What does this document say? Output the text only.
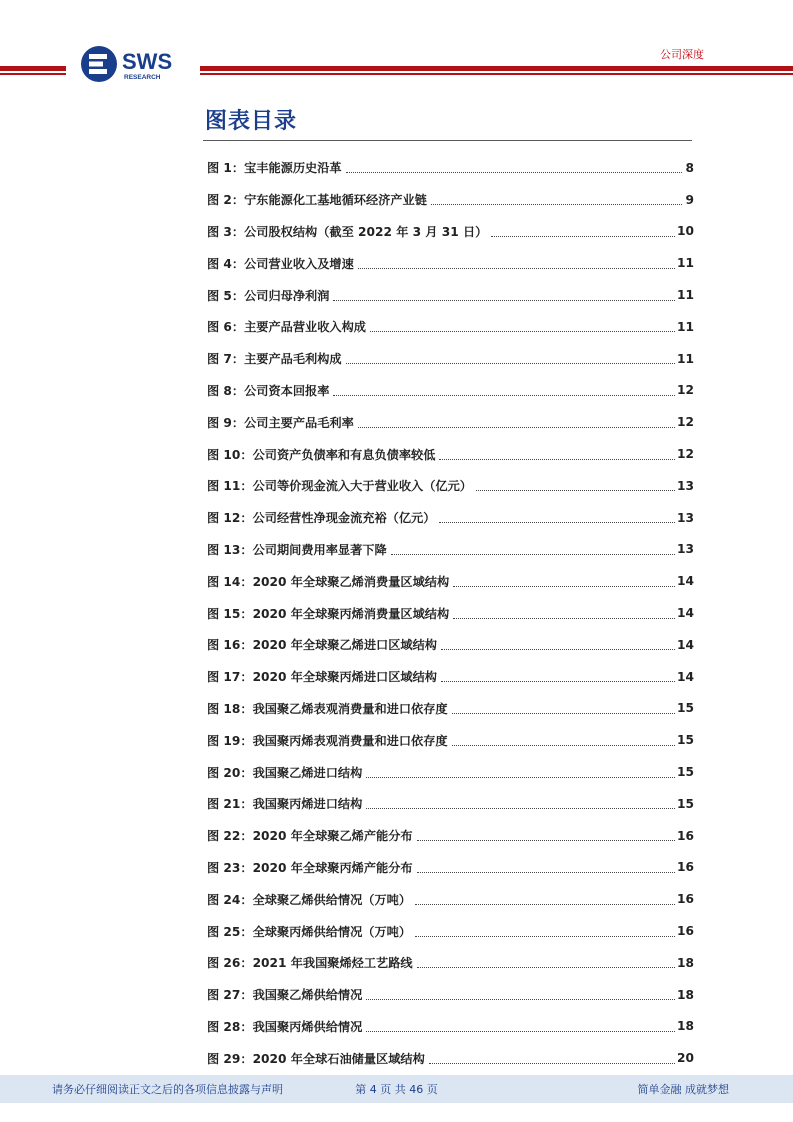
SWS
RESEARCH
公司深度
图表目录
图 1：宝丰能源历史沿革	8
图 2：宁东能源化工基地循环经济产业链	9
图 3：公司股权结构（截至 2022 年 3 月 31 日）	10
图 4：公司营业收入及增速	11
图 5：公司归母净利润	11
图 6：主要产品营业收入构成	11
图 7：主要产品毛利构成	11
图 8：公司资本回报率	12
图 9：公司主要产品毛利率	12
图 10：公司资产负债率和有息负债率较低	12
图 11：公司等价现金流入大于营业收入（亿元）	13
图 12：公司经营性净现金流充裕（亿元）	13
图 13：公司期间费用率显著下降	13
图 14：2020 年全球聚乙烯消费量区域结构	14
图 15：2020 年全球聚丙烯消费量区域结构	14
图 16：2020 年全球聚乙烯进口区域结构	14
图 17：2020 年全球聚丙烯进口区域结构	14
图 18：我国聚乙烯表观消费量和进口依存度	15
图 19：我国聚丙烯表观消费量和进口依存度	15
图 20：我国聚乙烯进口结构	15
图 21：我国聚丙烯进口结构	15
图 22：2020 年全球聚乙烯产能分布	16
图 23：2020 年全球聚丙烯产能分布	16
图 24：全球聚乙烯供给情况（万吨）	16
图 25：全球聚丙烯供给情况（万吨）	16
图 26：2021 年我国聚烯烃工艺路线	18
图 27：我国聚乙烯供给情况	18
图 28：我国聚丙烯供给情况	18
图 29：2020 年全球石油储量区域结构	20
请务必仔细阅读正文之后的各项信息披露与声明	第 4 页 共 46 页	简单金融 成就梦想
